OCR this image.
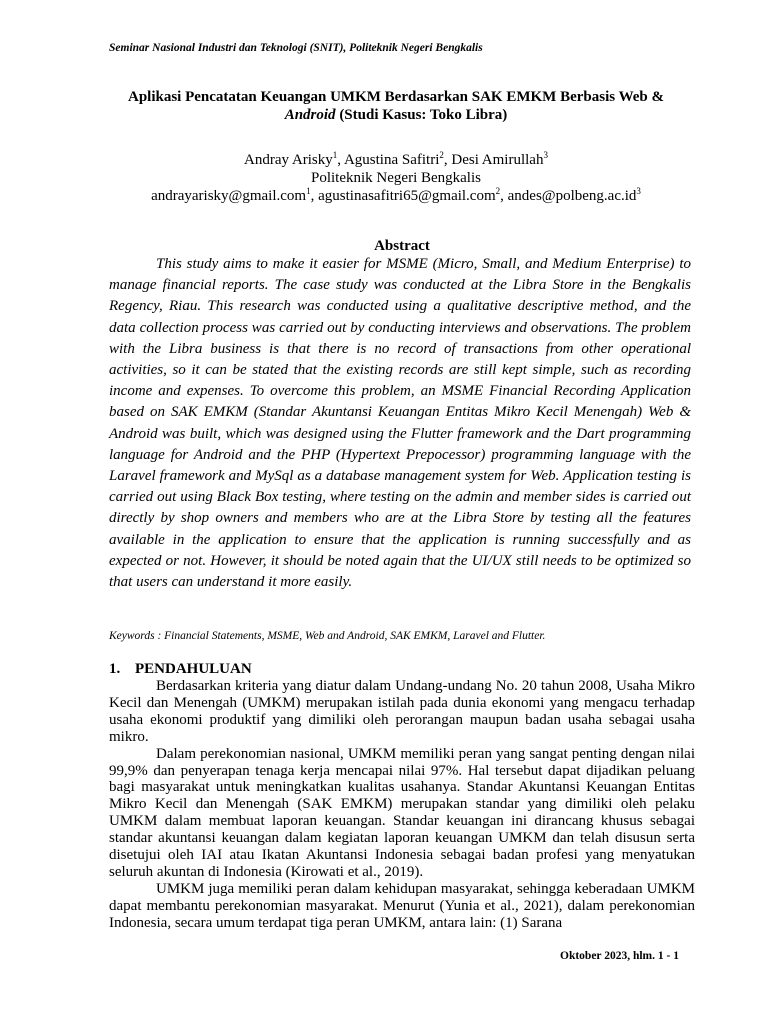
Seminar Nasional Industri dan Teknologi (SNIT), Politeknik Negeri Bengkalis
Aplikasi Pencatatan Keuangan UMKM Berdasarkan SAK EMKM Berbasis Web &
Android (Studi Kasus: Toko Libra)
Andray Arisky$^1$, Agustina Safitri$^2$, Desi Amirullah$^3$
Politeknik Negeri Bengkalis
andrayarisky@gmail.com$^1$, agustinasafitri65@gmail.com$^2$, $andes@polbeng.ac.id^3$
Abstract

This study aims to make it easier for MSME (Micro, Small, and Medium Enterprise) to manage financial reports. The case study was conducted at the Libra Store in the Bengkalis Regency, Riau. This research was conducted using a qualitative descriptive method, and the data collection process was carried out by conducting interviews and observations. The problem with the Libra business is that there is no record of transactions from other operational activities, so it can be stated that the existing records are still kept simple, such as recording income and expenses. To overcome this problem, an MSME Financial Recording Application based on SAK EMKM (Standar Akuntansi Keuangan Entitas Mikro Kecil Menengah) Web & Android was built, which was designed using the Flutter framework and the Dart programming language for Android and the PHP (Hypertext Prepocessor) programming language with the Laravel framework and MySql as a database management system for Web. Application testing is carried out using Black Box testing, where testing on the admin and member sides is carried out directly by shop owners and members who are at the Libra Store by testing all the features available in the application to ensure that the application is running successfully and as expected or not. However, it should be noted again that the UI/UX still needs to be optimized so that users can understand it more easily.

Keywords : Financial Statements, MSME, Web and Android, SAK EMKM, Laravel and Flutter.
1. PENDAHULUAN

Berdasarkan kriteria yang diatur dalam Undang-undang No. 20 tahun 2008, Usaha Mikro Kecil dan Menengah (UMKM) merupakan istilah pada dunia ekonomi yang mengacu terhadap usaha ekonomi produktif yang dimiliki oleh perorangan maupun badan usaha sebagai usaha mikro.

Dalam perekonomian nasional, UMKM memiliki peran yang sangat penting dengan nilai 99,9% dan penyerapan tenaga kerja mencapai nilai 97%. Hal tersebut dapat dijadikan peluang bagi masyarakat untuk meningkatkan kualitas usahanya. Standar Akuntansi Keuangan Entitas Mikro Kecil dan Menengah (SAK EMKM) merupakan standar yang dimiliki oleh pelaku UMKM dalam membuat laporan keuangan. Standar keuangan ini dirancang khusus sebagai standar akuntansi keuangan dalam kegiatan laporan keuangan UMKM dan telah disusun serta disetujui oleh IAI atau Ikatan Akuntansi Indonesia sebagai badan profesi yang menyatukan seluruh akuntan di Indonesia (Kirowati et al., 2019).

UMKM juga memiliki peran dalam kehidupan masyarakat, sehingga keberadaan UMKM dapat membantu perekonomian masyarakat. Menurut (Yunia et al., 2021), dalam perekonomian Indonesia, secara umum terdapat tiga peran UMKM, antara lain: (1) Sarana

Oktober 2023, hlm. 1 - 1
